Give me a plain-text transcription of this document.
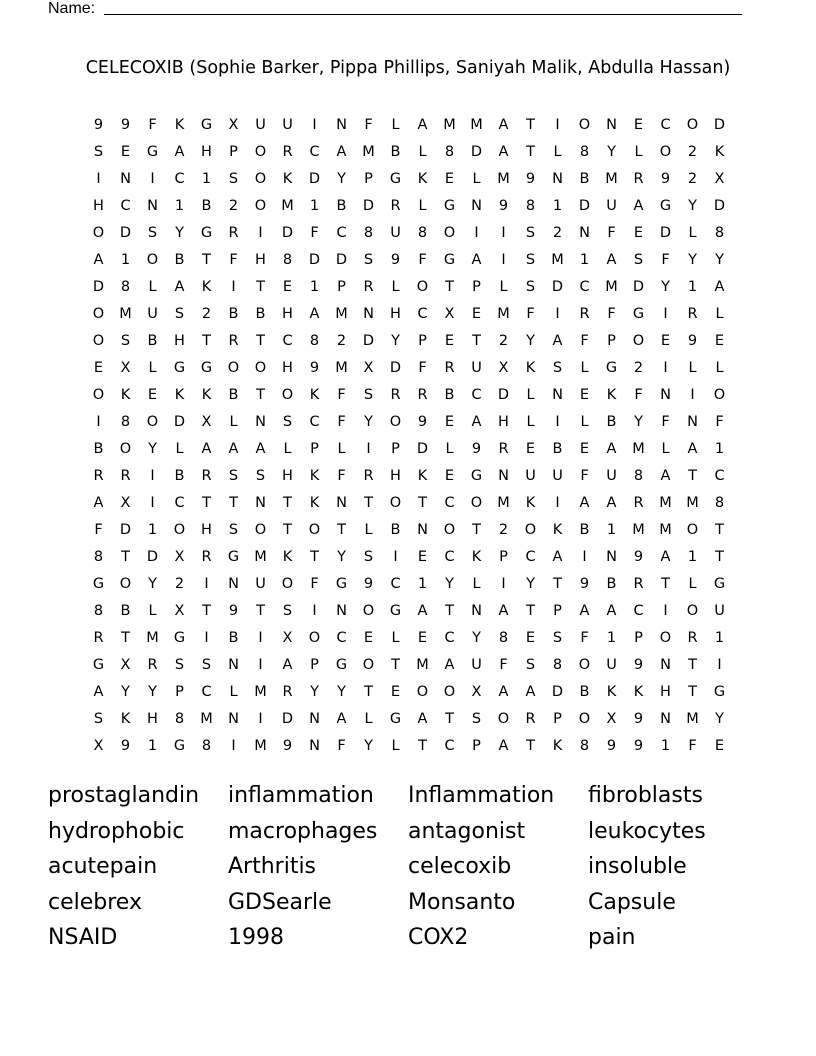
Name:
CELECOXIB (Sophie Barker, Pippa Phillips, Saniyah Malik, Abdulla Hassan)
9	9	F	K	G	X	U	U	I	N	F	L	A	M M	A	T	I	O	N	E	C	O	D
S	E	G	A	H	P	O	R	C	A	M	B	L	8	D	A	T	L	8	Y	L	O	2	K
I	N	I	C	1	S	O	K	D	Y	P	G	K	E	L	M	9	N	B	M	R	9	2	X
H	C	N	1	B	2	O	M	1	B	D	R	L	G	N	9	8	1	D	U	A	G	Y	D
O	D	S	Y	G	R	I	D	F	C	8	U	8	O	I	I	S	2	N	F	E	D	L	8
A	1	O	B	T	F	H	8	D	D	S	9	F	G	A	I	S	M	1	A	S	F	Y	Y
D	8	L	A	K	I	T	E	1	P	R	L	O	T	P	L	S	D	C	M	D	Y	1	A
O	M	U	S	2	B	B	H	A	M	N	H	C	X	E	M	F	I	R	F	G	I	R	L
O	S	B	H	T	R	T	C	8	2	D	Y	P	E	T	2	Y	A	F	P	O	E	9	E
E	X	L	G	G	O	O	H	9	M	X	D	F	R	U	X	K	S	L	G	2	I	L	L
O	K	E	K	K	B	T	O	K	F	S	R	R	B	C	D	L	N	E	K	F	N	I	O
I	8	O	D	X	L	N	S	C	F	Y	O	9	E	A	H	L	I	L	B	Y	F	N	F
B	O	Y	L	A	A	A	L	P	L	I	P	D	L	9	R	E	B	E	A	M	L	A	1
R	R	I	B	R	S	S	H	K	F	R	H	K	E	G	N	U	U	F	U	8	A	T	C
A	X	I	C	T	T	N	T	K	N	T	O	T	C	O	M	K	I	A	A	R	M M	8
F	D	1	O	H	S	O	T	O	T	L	B	N	O	T	2	O	K	B	1	M M	O	T
8	T	D	X	R	G	M	K	T	Y	S	I	E	C	K	P	C	A	I	N	9	A	1	T
G	O	Y	2	I	N	U	O	F	G	9	C	1	Y	L	I	Y	T	9	B	R	T	L	G
8	B	L	X	T	9	T	S	I	N	O	G	A	T	N	A	T	P	A	A	C	I	O	U
R	T	M	G	I	B	I	X	O	C	E	L	E	C	Y	8	E	S	F	1	P	O	R	1
G	X	R	S	S	N	I	A	P	G	O	T	M	A	U	F	S	8	O	U	9	N	T	I
A	Y	Y	P	C	L	M	R	Y	Y	T	E	O	O	X	A	A	D	B	K	K	H	T	G
S	K	H	8	M	N	I	D	N	A	L	G	A	T	S	O	R	P	O	X	9	N	M	Y
X	9	1	G	8	I	M	9	N	F	Y	L	T	C	P	A	T	K	8	9	9	1	F	E
prostaglandin	inflammation	Inflammation	fibroblasts
hydrophobic	macrophages	antagonist	leukocytes
acutepain	Arthritis	celecoxib	insoluble
celebrex	GDSearle	Monsanto	Capsule
NSAID	1998	COX2	pain
